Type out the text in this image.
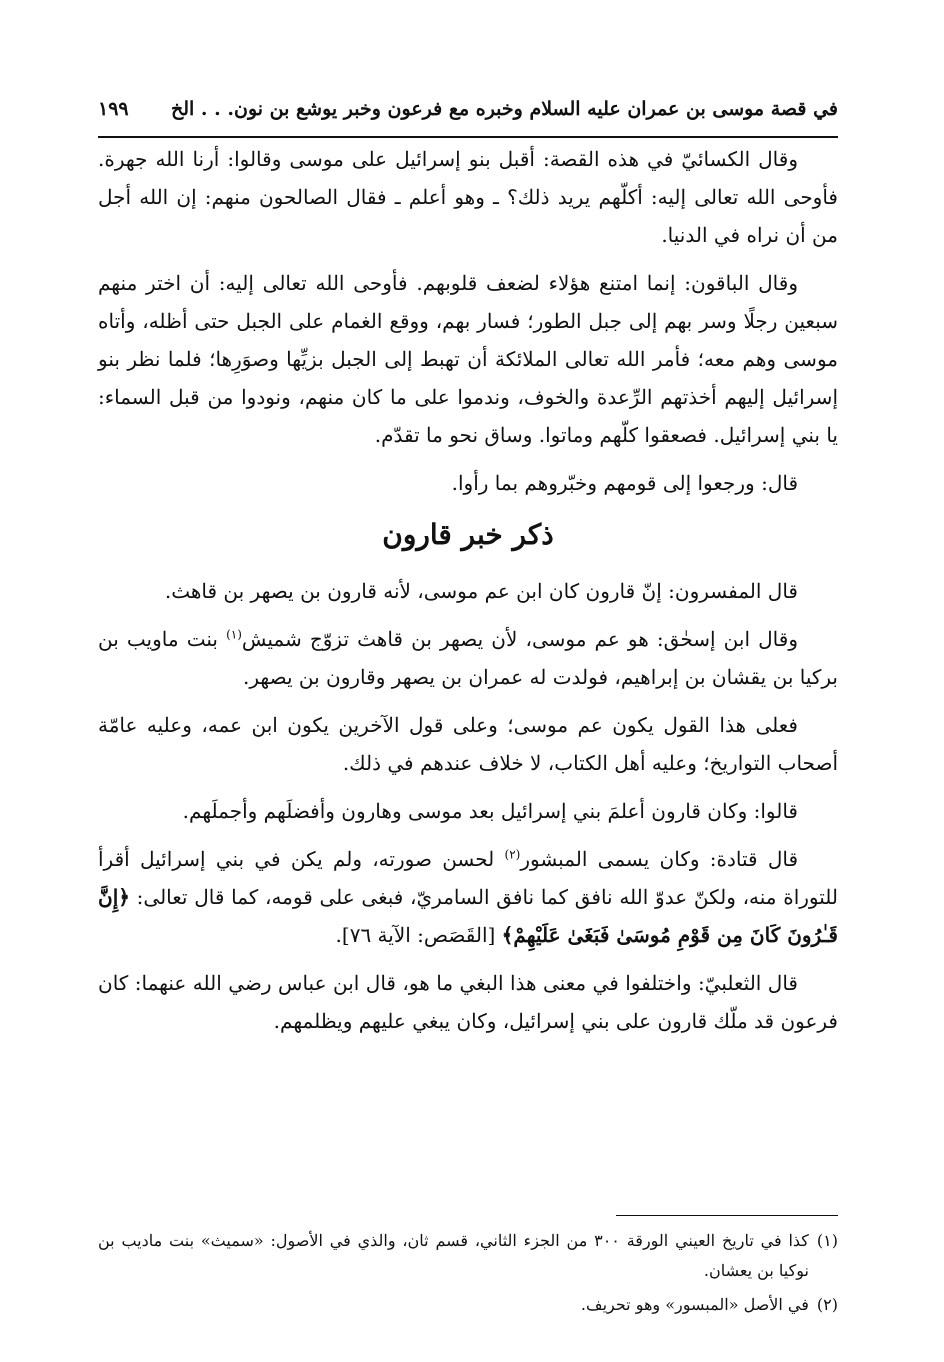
في قصة موسى بن عمران عليه السلام وخبره مع فرعون وخبر يوشع بن نون. . . الخ
١٩٩

وقال الكسائيّ في هذه القصة: أقبل بنو إسرائيل على موسى وقالوا: أرنا الله جهرة. فأوحى الله تعالى إليه: أكلّهم يريد ذلك؟ ـ وهو أعلم ـ فقال الصالحون منهم: إن الله أجل من أن نراه في الدنيا.

وقال الباقون: إنما امتنع هؤلاء لضعف قلوبهم. فأوحى الله تعالى إليه: أن اختر منهم سبعين رجلًا وسر بهم إلى جبل الطور؛ فسار بهم، ووقع الغمام على الجبل حتى أظله، وأتاه موسى وهم معه؛ فأمر الله تعالى الملائكة أن تهبط إلى الجبل بزيِّها وصوَرِها؛ فلما نظر بنو إسرائيل إليهم أخذتهم الرِّعدة والخوف، وندموا على ما كان منهم، ونودوا من قبل السماء: يا بني إسرائيل. فصعقوا كلّهم وماتوا. وساق نحو ما تقدّم.

قال: ورجعوا إلى قومهم وخبّروهم بما رأوا.

ذكر خبر قارون

قال المفسرون: إنّ قارون كان ابن عم موسى، لأنه قارون بن يصهر بن قاهث.

وقال ابن إسحٰق: هو عم موسى، لأن يصهر بن قاهث تزوّج شميش$^{(١)}$ بنت ماويب بن بركيا بن يقشان بن إبراهيم، فولدت له عمران بن يصهر وقارون بن يصهر.

فعلى هذا القول يكون عم موسى؛ وعلى قول الآخرين يكون ابن عمه، وعليه عامّة أصحاب التواريخ؛ وعليه أهل الكتاب، لا خلاف عندهم في ذلك.

قالوا: وكان قارون أعلمَ بني إسرائيل بعد موسى وهارون وأفضلَهم وأجملَهم.

قال قتادة: وكان يسمى المبشور$^{(٢)}$ لحسن صورته، ولم يكن في بني إسرائيل أقرأ للتوراة منه، ولكنّ عدوّ الله نافق كما نافق السامريّ، فبغى على قومه، كما قال تعالى: ﴿إِنَّ قَـٰرُونَ كَانَ مِن قَوْمِ مُوسَىٰ فَبَغَىٰ عَلَيْهِمْ﴾ [القَصَص: الآية ٧٦].

قال الثعلبيّ: واختلفوا في معنى هذا البغي ما هو، قال ابن عباس رضي الله عنهما: كان فرعون قد ملّك قارون على بني إسرائيل، وكان يبغي عليهم ويظلمهم.

(١)
كذا في تاريخ العيني الورقة ٣٠٠ من الجزء الثاني، قسم ثان، والذي في الأصول: «سميث» بنت ماديب بن نوكيا بن يعشان.
(٢)
في الأصل «المبسور» وهو تحريف.
